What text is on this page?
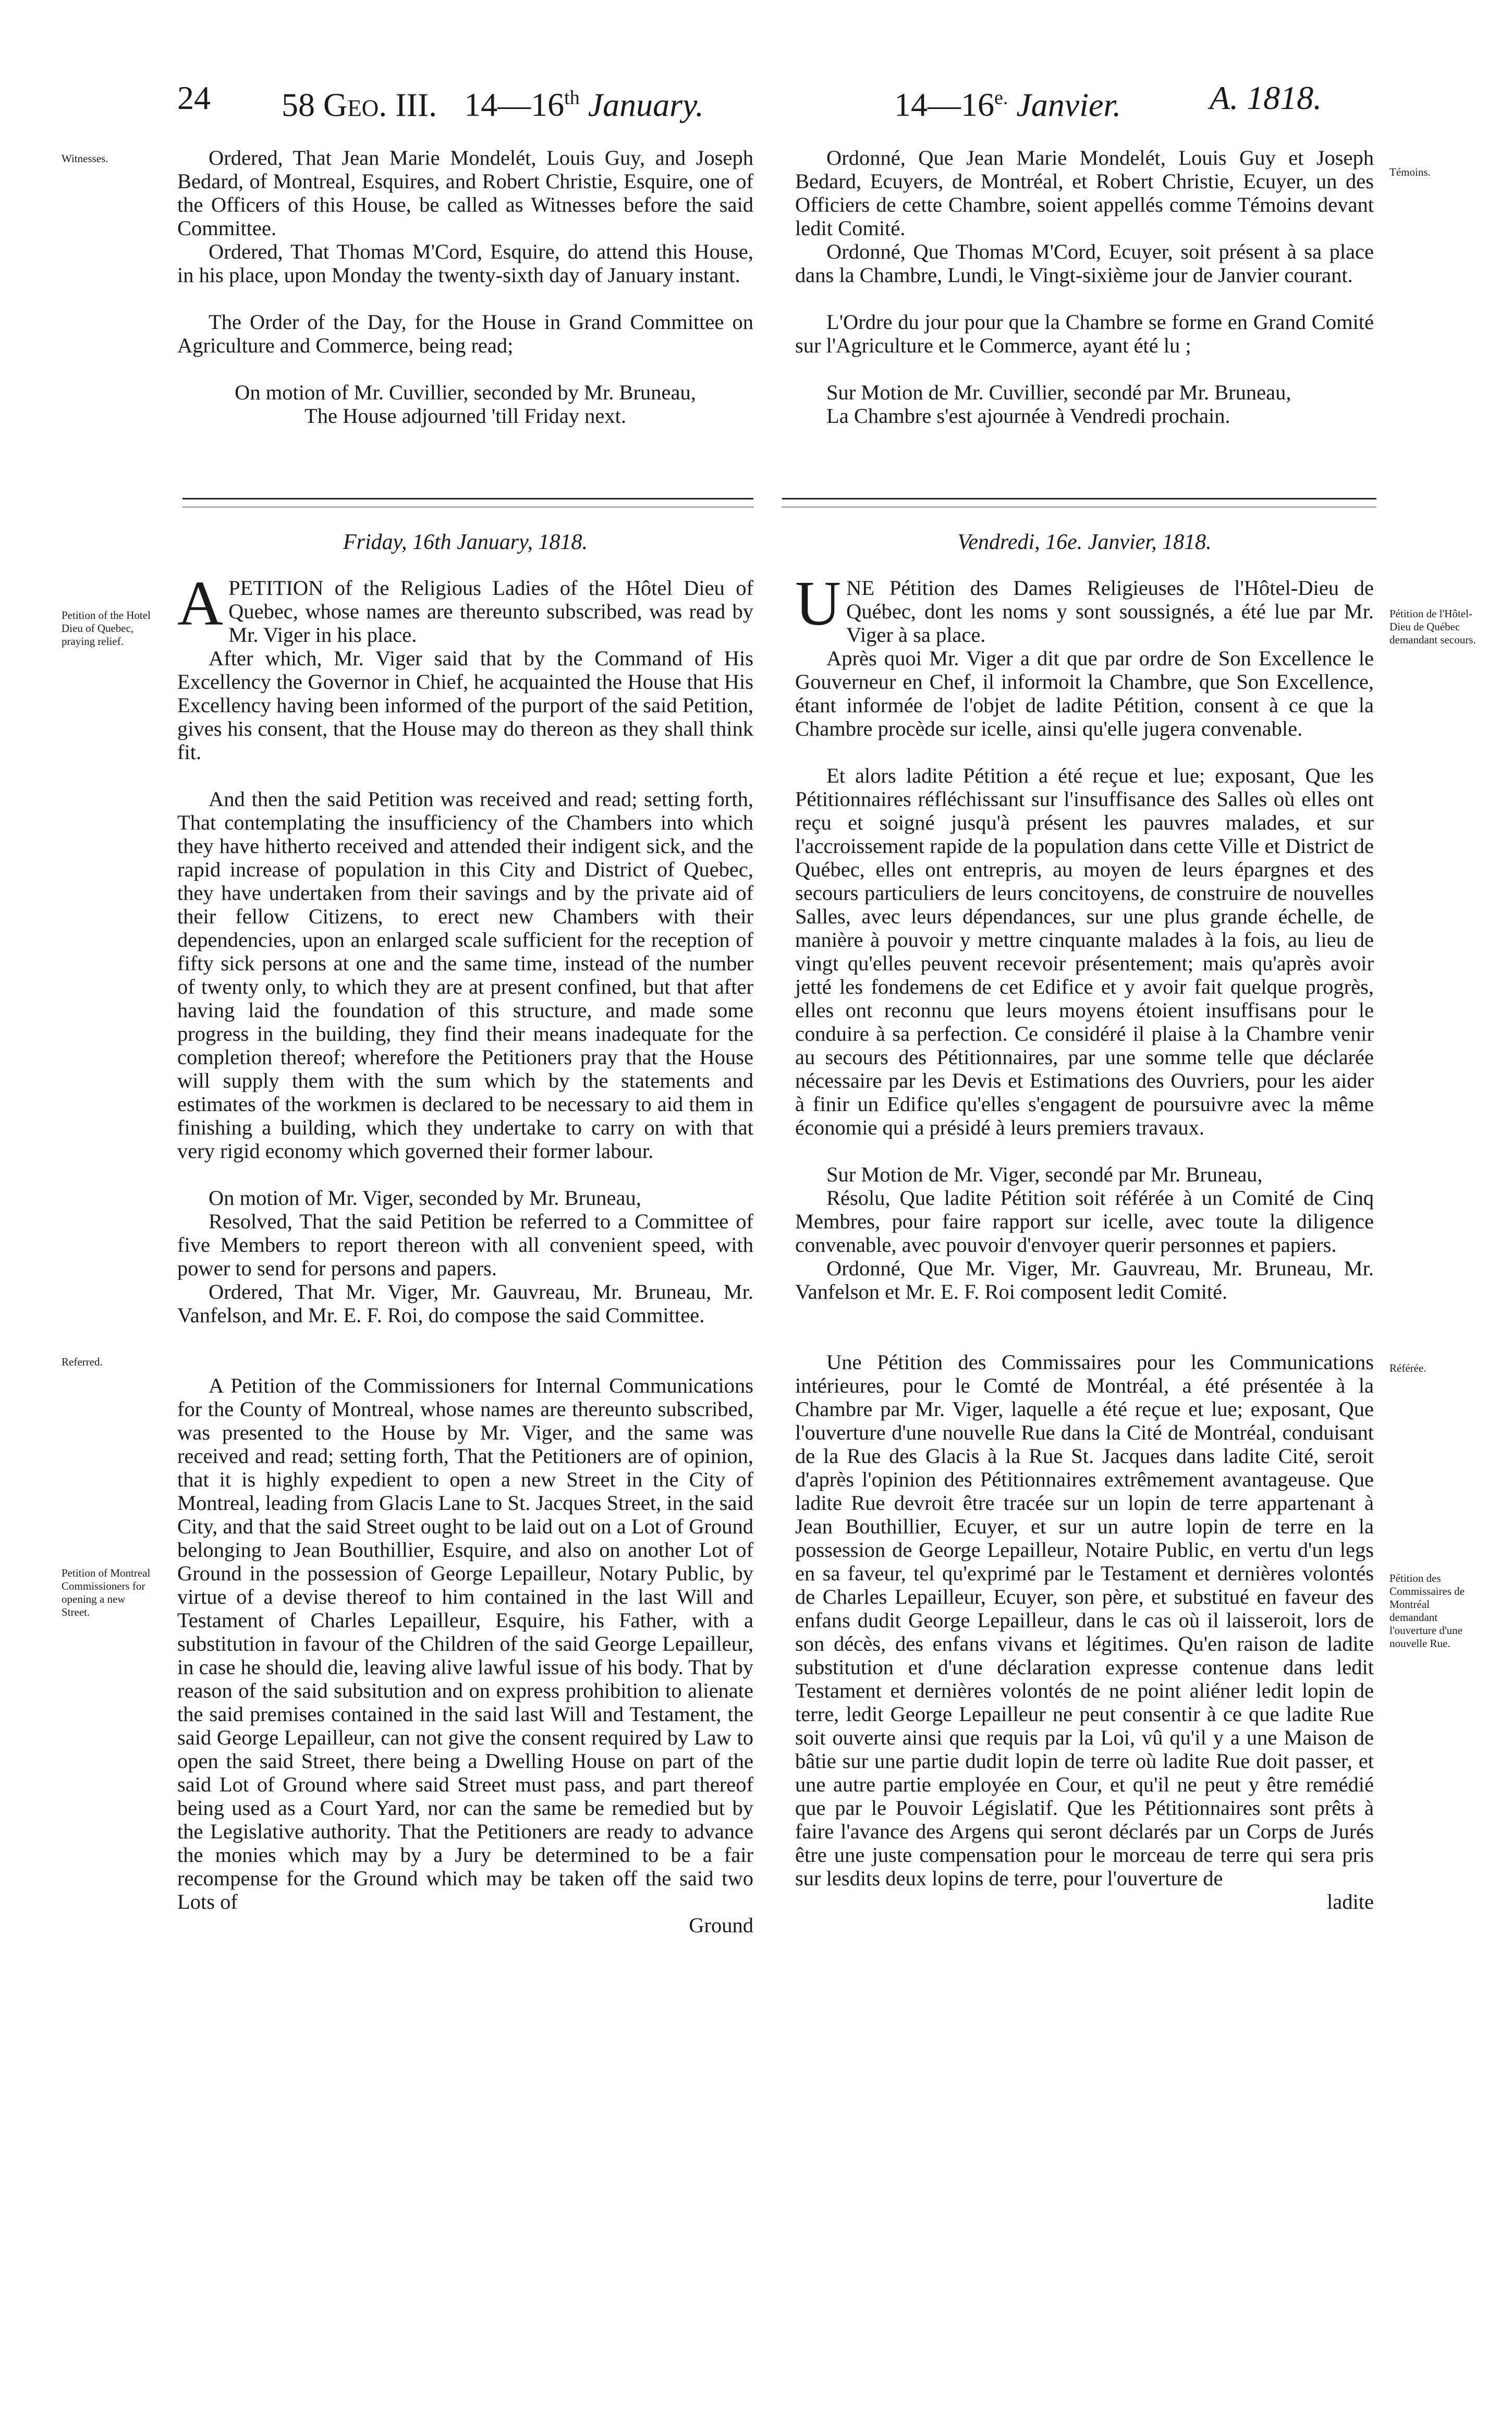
24 58 Geo. III. 14—16th January.	$14—16^{e.}$ Janvier.	A. 1818.

Ordered, That Jean Marie Mondelét, Louis Guy, and Joseph Bedard, of Montreal, Esquires, and Robert Christie, Esquire, one of the Officers of this House, be called as Witnesses before the said Committee.

Ordered, That Thomas M'Cord, Esquire, do attend this House, in his place, upon Monday the twenty-sixth day of January instant.

The Order of the Day, for the House in Grand Committee on Agriculture and Commerce, being read;

On motion of Mr. Cuvillier, seconded by Mr. Bruneau,

The House adjourned 'till Friday next.

Ordonné, Que Jean Marie Mondelét, Louis Guy et Joseph Bedard, Ecuyers, de Montréal, et Robert Christie, Ecuyer, un des Officiers de cette Chambre, soient appellés comme Témoins devant ledit Comité.

Ordonné, Que Thomas M'Cord, Ecuyer, soit présent à sa place dans la Chambre, Lundi, le Vingt-sixième jour de Janvier courant.

L'Ordre du jour pour que la Chambre se forme en Grand Comité sur l'Agriculture et le Commerce, ayant été lu ;

Sur Motion de Mr. Cuvillier, secondé par Mr. Bruneau,

La Chambre s'est ajournée à Vendredi prochain.

Friday, 16th January, 1818.	Vendredi, 16e. Janvier, 1818.

APETITION of the Religious Ladies of the Hôtel Dieu of Quebec, whose names are thereunto subscribed, was read by Mr. Viger in his place.

After which, Mr. Viger said that by the Command of His Excellency the Governor in Chief, he acquainted the House that His Excellency having been informed of the purport of the said Petition, gives his consent, that the House may do thereon as they shall think fit.

And then the said Petition was received and read; setting forth, That contemplating the insufficiency of the Chambers into which they have hitherto received and attended their indigent sick, and the rapid increase of population in this City and District of Quebec, they have undertaken from their savings and by the private aid of their fellow Citizens, to erect new Chambers with their dependencies, upon an enlarged scale sufficient for the reception of fifty sick persons at one and the same time, instead of the number of twenty only, to which they are at present confined, but that after having laid the foundation of this structure, and made some progress in the building, they find their means inadequate for the completion thereof; wherefore the Petitioners pray that the House will supply them with the sum which by the statements and estimates of the workmen is declared to be necessary to aid them in finishing a building, which they undertake to carry on with that very rigid economy which governed their former labour.

On motion of Mr. Viger, seconded by Mr. Bruneau,

Resolved, That the said Petition be referred to a Committee of five Members to report thereon with all convenient speed, with power to send for persons and papers.

Ordered, That Mr. Viger, Mr. Gauvreau, Mr. Bruneau, Mr. Vanfelson, and Mr. E. F. Roi, do compose the said Committee.

A Petition of the Commissioners for Internal Communications for the County of Montreal, whose names are thereunto subscribed, was presented to the House by Mr. Viger, and the same was received and read; setting forth, That the Petitioners are of opinion, that it is highly expedient to open a new Street in the City of Montreal, leading from Glacis Lane to St. Jacques Street, in the said City, and that the said Street ought to be laid out on a Lot of Ground belonging to Jean Bouthillier, Esquire, and also on another Lot of Ground in the possession of George Lepailleur, Notary Public, by virtue of a devise thereof to him contained in the last Will and Testament of Charles Lepailleur, Esquire, his Father, with a substitution in favour of the Children of the said George Lepailleur, in case he should die, leaving alive lawful issue of his body. That by reason of the said subsitution and on express prohibition to alienate the said premises contained in the said last Will and Testament, the said George Lepailleur, can not give the consent required by Law to open the said Street, there being a Dwelling House on part of the said Lot of Ground where said Street must pass, and part thereof being used as a Court Yard, nor can the same be remedied but by the Legislative authority. That the Petitioners are ready to advance the monies which may by a Jury be determined to be a fair recompense for the Ground which may be taken off the said two Lots of

Ground

UNE Pétition des Dames Religieuses de l'Hôtel-Dieu de Québec, dont les noms y sont soussignés, a été lue par Mr. Viger à sa place.

Après quoi Mr. Viger a dit que par ordre de Son Excellence le Gouverneur en Chef, il informoit la Chambre, que Son Excellence, étant informée de l'objet de ladite Pétition, consent à ce que la Chambre procède sur icelle, ainsi qu'elle jugera convenable.

Et alors ladite Pétition a été reçue et lue; exposant, Que les Pétitionnaires réfléchissant sur l'insuffisance des Salles où elles ont reçu et soigné jusqu'à présent les pauvres malades, et sur l'accroissement rapide de la population dans cette Ville et District de Québec, elles ont entrepris, au moyen de leurs épargnes et des secours particuliers de leurs concitoyens, de construire de nouvelles Salles, avec leurs dépendances, sur une plus grande échelle, de manière à pouvoir y mettre cinquante malades à la fois, au lieu de vingt qu'elles peuvent recevoir présentement; mais qu'après avoir jetté les fondemens de cet Edifice et y avoir fait quelque progrès, elles ont reconnu que leurs moyens étoient insuffisans pour le conduire à sa perfection. Ce considéré il plaise à la Chambre venir au secours des Pétitionnaires, par une somme telle que déclarée nécessaire par les Devis et Estimations des Ouvriers, pour les aider à finir un Edifice qu'elles s'engagent de poursuivre avec la même économie qui a présidé à leurs premiers travaux.

Sur Motion de Mr. Viger, secondé par Mr. Bruneau,

Résolu, Que ladite Pétition soit référée à un Comité de Cinq Membres, pour faire rapport sur icelle, avec toute la diligence convenable, avec pouvoir d'envoyer querir personnes et papiers.

Ordonné, Que Mr. Viger, Mr. Gauvreau, Mr. Bruneau, Mr. Vanfelson et Mr. E. F. Roi composent ledit Comité.

Une Pétition des Commissaires pour les Communications intérieures, pour le Comté de Montréal, a été présentée à la Chambre par Mr. Viger, laquelle a été reçue et lue; exposant, Que l'ouverture d'une nouvelle Rue dans la Cité de Montréal, conduisant de la Rue des Glacis à la Rue St. Jacques dans ladite Cité, seroit d'après l'opinion des Pétitionnaires extrêmement avantageuse. Que ladite Rue devroit être tracée sur un lopin de terre appartenant à Jean Bouthillier, Ecuyer, et sur un autre lopin de terre en la possession de George Lepailleur, Notaire Public, en vertu d'un legs en sa faveur, tel qu'exprimé par le Testament et dernières volontés de Charles Lepailleur, Ecuyer, son père, et substitué en faveur des enfans dudit George Lepailleur, dans le cas où il laisseroit, lors de son décès, des enfans vivans et légitimes. Qu'en raison de ladite substitution et d'une déclaration expresse contenue dans ledit Testament et dernières volontés de ne point aliéner ledit lopin de terre, ledit George Lepailleur ne peut consentir à ce que ladite Rue soit ouverte ainsi que requis par la Loi, vû qu'il y a une Maison de bâtie sur une partie dudit lopin de terre où ladite Rue doit passer, et une autre partie employée en Cour, et qu'il ne peut y être remédié que par le Pouvoir Législatif. Que les Pétitionnaires sont prêts à faire l'avance des Argens qui seront déclarés par un Corps de Jurés être une juste compensation pour le morceau de terre qui sera pris sur lesdits deux lopins de terre, pour l'ouverture de

ladite

Witnesses.
Petition of the Hotel Dieu of Quebec, praying relief.
Referred.
Petition of Montreal Commissioners for opening a new Street.
Témoins.
Pétition de l'Hôtel-Dieu de Québec demandant secours.
Référée.
Pétition des Commissaires de Montréal demandant l'ouverture d'une nouvelle Rue.
